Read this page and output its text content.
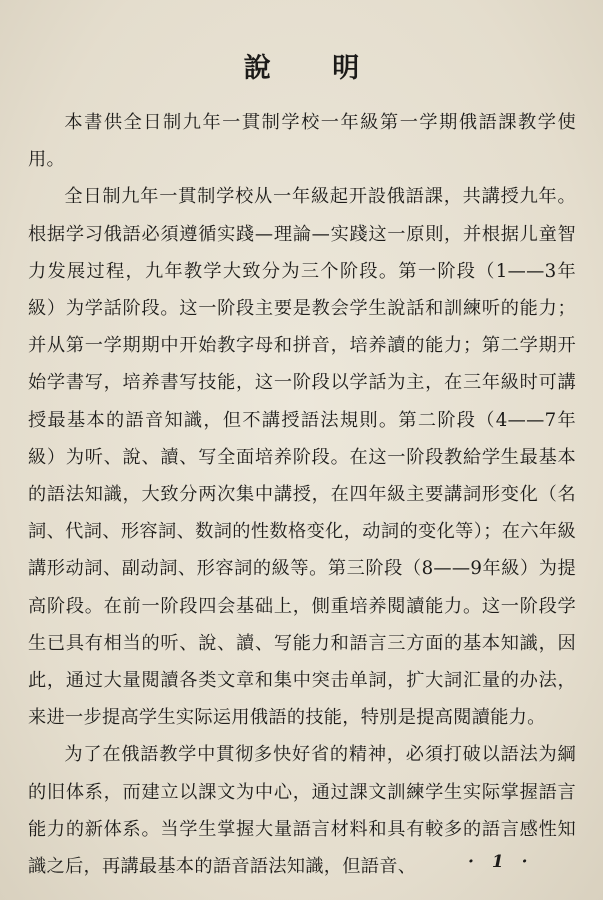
說 明

本書供全日制九年一貫制学校一年級第一学期俄語課教学使用。

全日制九年一貫制学校从一年級起开設俄語課，共講授九年。根据学习俄語必須遵循实踐—理論—实踐这一原則，并根据儿童智力发展过程，九年教学大致分为三个阶段。第一阶段（1——3年級）为学話阶段。这一阶段主要是教会学生說話和訓練听的能力；并从第一学期期中开始教字母和拼音，培养讀的能力；第二学期开始学書写，培养書写技能，这一阶段以学話为主，在三年級时可講授最基本的語音知識，但不講授語法規則。第二阶段（4——7年級）为听、說、讀、写全面培养阶段。在这一阶段教給学生最基本的語法知識，大致分两次集中講授，在四年級主要講詞形变化（名詞、代詞、形容詞、数詞的性数格变化，动詞的变化等）；在六年級講形动詞、副动詞、形容詞的級等。第三阶段（8——9年級）为提高阶段。在前一阶段四会基础上，側重培养閱讀能力。这一阶段学生已具有相当的听、說、讀、写能力和語言三方面的基本知識，因此，通过大量閱讀各类文章和集中突击单詞，扩大詞汇量的办法，来进一步提高学生实际运用俄語的技能，特別是提高閱讀能力。

为了在俄語教学中貫彻多快好省的精神，必須打破以語法为綱的旧体系，而建立以課文为中心，通过課文訓練学生实际掌握語言能力的新体系。当学生掌握大量語言材料和具有較多的語言感性知識之后，再講最基本的語音語法知識，但語音、	· 1 ·
